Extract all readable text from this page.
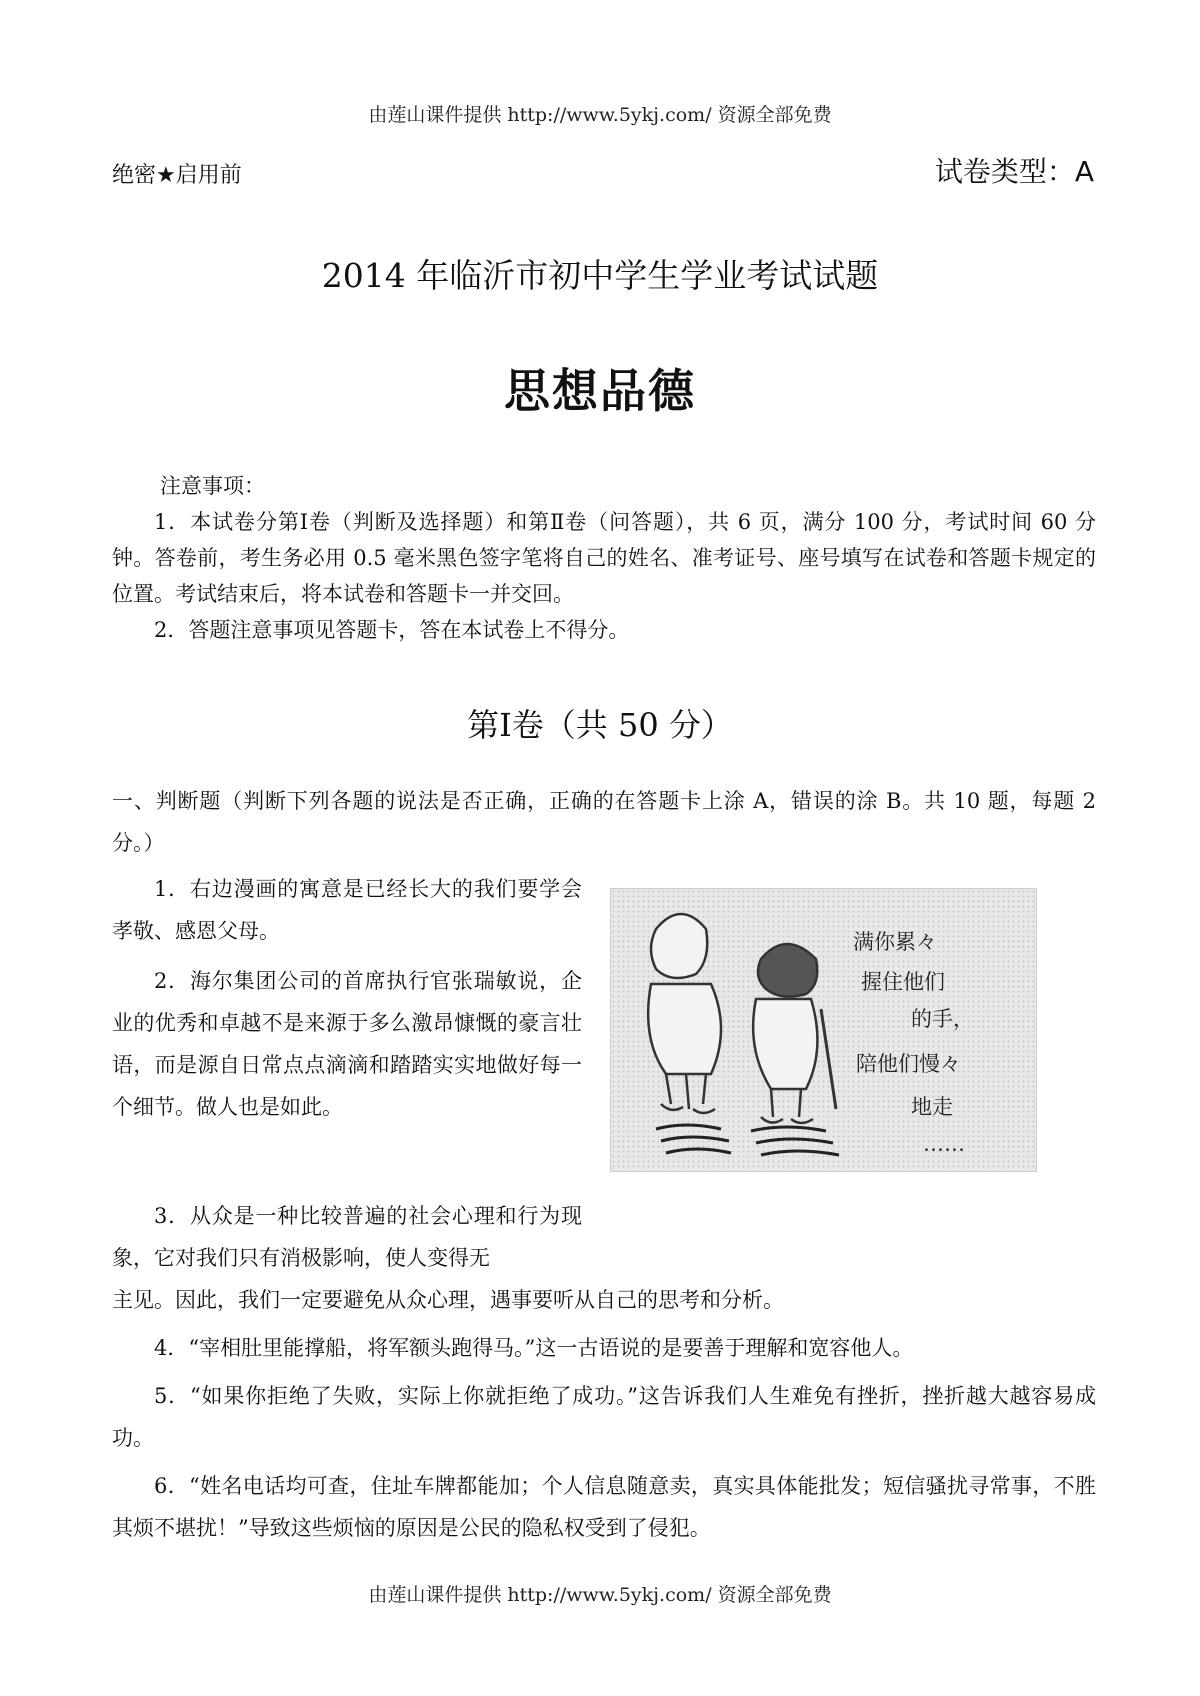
由莲山课件提供 http://www.5ykj.com/ 资源全部免费
绝密★启用前	试卷类型：A
2014 年临沂市初中学生学业考试试题
思想品德

注意事项：

1．本试卷分第Ⅰ卷（判断及选择题）和第Ⅱ卷（问答题），共 6 页，满分 100 分，考试时间 60 分钟。答卷前，考生务必用 0.5 毫米黑色签字笔将自己的姓名、准考证号、座号填写在试卷和答题卡规定的位置。考试结束后，将本试卷和答题卡一并交回。

2．答题注意事项见答题卡，答在本试卷上不得分。

第Ⅰ卷（共 50 分）
一、判断题（判断下列各题的说法是否正确，正确的在答题卡上涂 A，错误的涂 B。共 10 题，每题 2 分。）

1．右边漫画的寓意是已经长大的我们要学会孝敬、感恩父母。

2．海尔集团公司的首席执行官张瑞敏说，企业的优秀和卓越不是来源于多么激昂慷慨的豪言壮语，而是源自日常点点滴滴和踏踏实实地做好每一个细节。做人也是如此。

3．从众是一种比较普遍的社会心理和行为现象，它对我们只有消极影响，使人变得无

主见。因此，我们一定要避免从众心理，遇事要听从自己的思考和分析。

4．“宰相肚里能撑船，将军额头跑得马。”这一古语说的是要善于理解和宽容他人。

5．“如果你拒绝了失败，实际上你就拒绝了成功。”这告诉我们人生难免有挫折，挫折越大越容易成功。

6．“姓名电话均可查，住址车牌都能加；个人信息随意卖，真实具体能批发；短信骚扰寻常事，不胜其烦不堪扰！”导致这些烦恼的原因是公民的隐私权受到了侵犯。

满你累々
握住他们
的手，
陪他们慢々
地走
……
由莲山课件提供 http://www.5ykj.com/ 资源全部免费
